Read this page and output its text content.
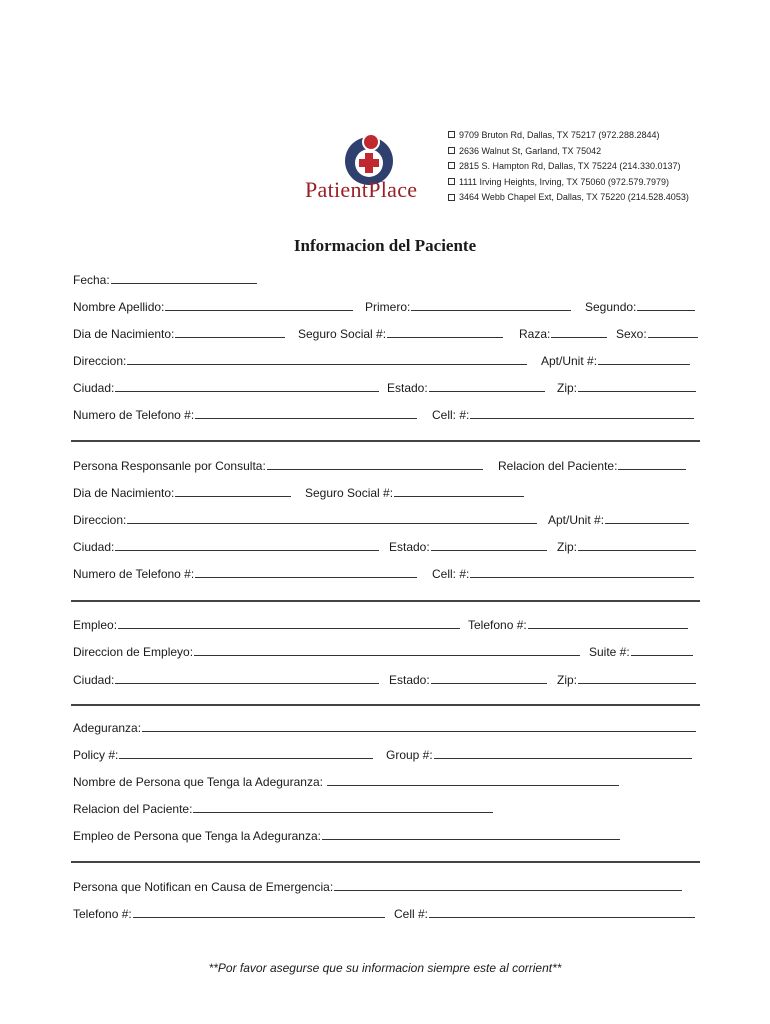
PatientPlace
9709 Bruton Rd, Dallas, TX 75217 (972.288.2844)
2636 Walnut St, Garland, TX 75042
2815 S. Hampton Rd, Dallas, TX 75224 (214.330.0137)
1111 Irving Heights, Irving, TX 75060 (972.579.7979)
3464 Webb Chapel Ext, Dallas, TX 75220 (214.528.4053)
Informacion del Paciente
Fecha:
Nombre Apellido:	Primero:	Segundo:
Dia de Nacimiento:	Seguro Social #:	Raza:	Sexo:
Direccion:	Apt/Unit #:
Ciudad:	Estado:	Zip:
Numero de Telefono #:	Cell: #:
Persona Responsanle por Consulta:	Relacion del Paciente:
Dia de Nacimiento:	Seguro Social #:
Direccion:	Apt/Unit #:
Ciudad:	Estado:	Zip:
Numero de Telefono #:	Cell: #:
Empleo:	Telefono #:
Direccion de Empleyo:	Suite #:
Ciudad:	Estado:	Zip:
Adeguranza:
Policy #:	Group #:
Nombre de Persona que Tenga la Adeguranza:
Relacion del Paciente:
Empleo de Persona que Tenga la Adeguranza:
Persona que Notifican en Causa de Emergencia:
Telefono #:	Cell #:
**Por favor asegurse que su informacion siempre este al corrient**
